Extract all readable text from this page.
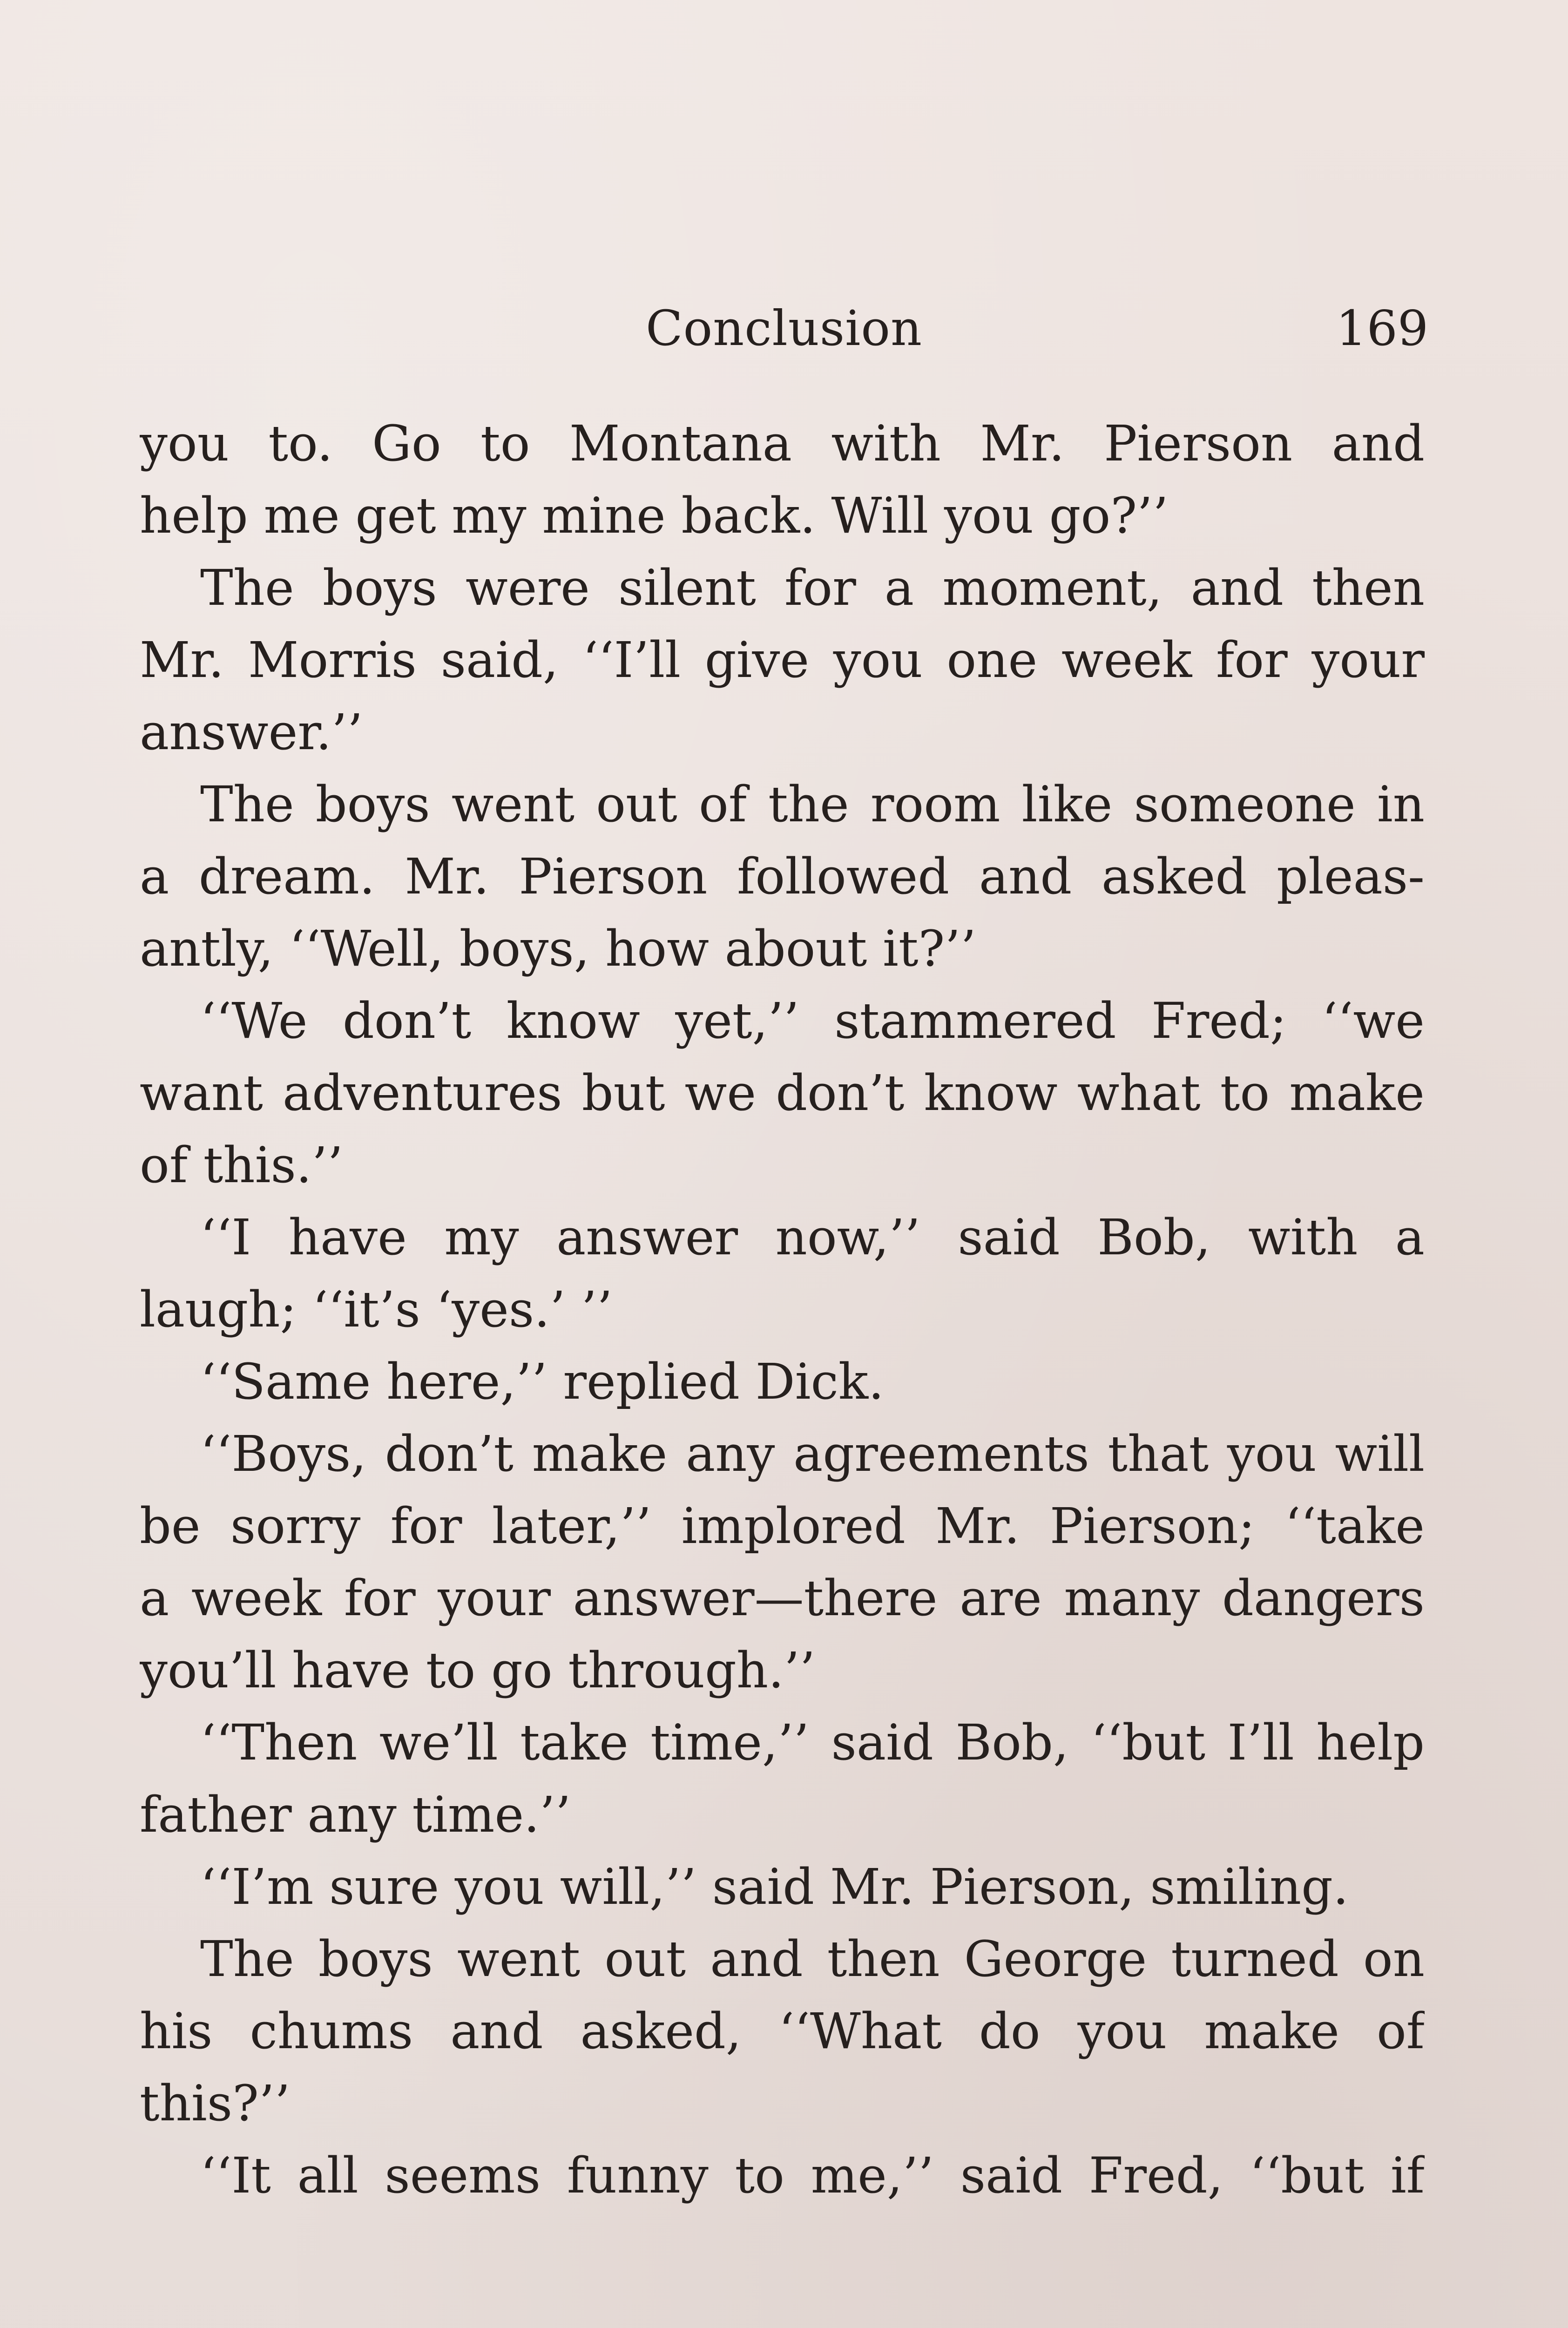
Conclusion	169
you to. Go to Montana with Mr. Pierson and
help me get my mine back. Will you go?’’
The boys were silent for a moment, and then
Mr. Morris said, ‘‘I’ll give you one week for your
answer.’’
The boys went out of the room like someone in
a dream. Mr. Pierson followed and asked pleas-
antly, ‘‘Well, boys, how about it?’’
‘‘We don’t know yet,’’ stammered Fred; ‘‘we
want adventures but we don’t know what to make
of this.’’
‘‘I have my answer now,’’ said Bob, with a
laugh; ‘‘it’s ‘yes.’ ’’
‘‘Same here,’’ replied Dick.
‘‘Boys, don’t make any agreements that you will
be sorry for later,’’ implored Mr. Pierson; ‘‘take
a week for your answer—there are many dangers
you’ll have to go through.’’
‘‘Then we’ll take time,’’ said Bob, ‘‘but I’ll help
father any time.’’
‘‘I’m sure you will,’’ said Mr. Pierson, smiling.
The boys went out and then George turned on
his chums and asked, ‘‘What do you make of
this?’’
‘‘It all seems funny to me,’’ said Fred, ‘‘but if
